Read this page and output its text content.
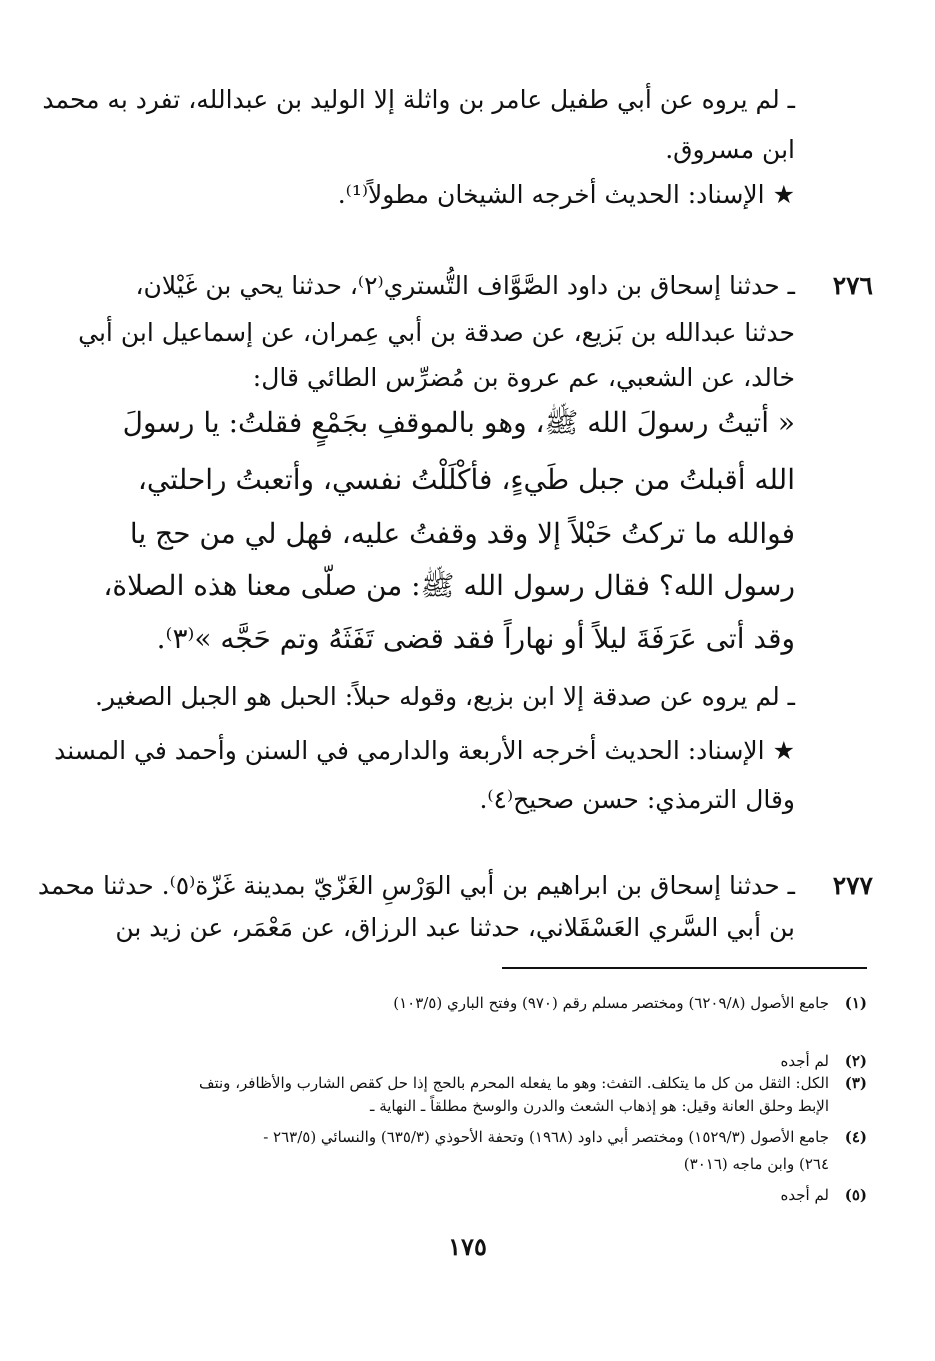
ـ لم يروه عن أبي طفيل عامر بن واثلة إلا الوليد بن عبدالله، تفرد به محمد
ابن مسروق.
★ الإسناد: الحديث أخرجه الشيخان مطولاً⁽¹⁾.
٢٧٦
ـ حدثنا إسحاق بن داود الصَّوَّاف التُّستري⁽٢⁾، حدثنا يحي بن غَيْلان،
حدثنا عبدالله بن بَزيع، عن صدقة بن أبي عِمران، عن إسماعيل ابن أبي
خالد، عن الشعبي، عم عروة بن مُضرِّس الطائي قال:
« أتيتُ رسولَ الله ﷺ، وهو بالموقفِ بجَمْعٍ فقلتُ: يا رسولَ
الله أقبلتُ من جبل طَيءٍ، فأكْلَلْتُ نفسي، وأتعبتُ راحلتي،
فوالله ما تركتُ حَبْلاً إلا وقد وقفتُ عليه، فهل لي من حج يا
رسول الله؟ فقال رسول الله ﷺ: من صلّى معنا هذه الصلاة،
وقد أتى عَرَفَةَ ليلاً أو نهاراً فقد قضى تَفَثَهُ وتم حَجَّه »⁽٣⁾.
ـ لم يروه عن صدقة إلا ابن بزيع، وقوله حبلاً: الحبل هو الجبل الصغير.
★ الإسناد: الحديث أخرجه الأربعة والدارمي في السنن وأحمد في المسند
وقال الترمذي: حسن صحيح⁽٤⁾.
٢٧٧
ـ حدثنا إسحاق بن ابراهيم بن أبي الوَرْسِ الغَزّيّ بمدينة غَزّة⁽٥⁾. حدثنا محمد
بن أبي السَّري العَسْقَلاني، حدثنا عبد الرزاق، عن مَعْمَر، عن زيد بن
(١)جامع الأصول (٦٢٠٩/٨) ومختصر مسلم رقم (٩٧٠) وفتح الباري (١٠٣/٥)
(٢)لم أجده
(٣)الكل: الثقل من كل ما يتكلف. التفث: وهو ما يفعله المحرم بالحج إذا حل كقص الشارب والأظافر، ونتف
الإبط وحلق العانة وقيل: هو إذهاب الشعث والدرن والوسخ مطلقاً ـ النهاية ـ
(٤)جامع الأصول (١٥٢٩/٣) ومختصر أبي داود (١٩٦٨) وتحفة الأحوذي (٦٣٥/٣) والنسائي (٢٦٣/٥ -
٢٦٤) وابن ماجه (٣٠١٦)
(٥)لم أجده
١٧٥
